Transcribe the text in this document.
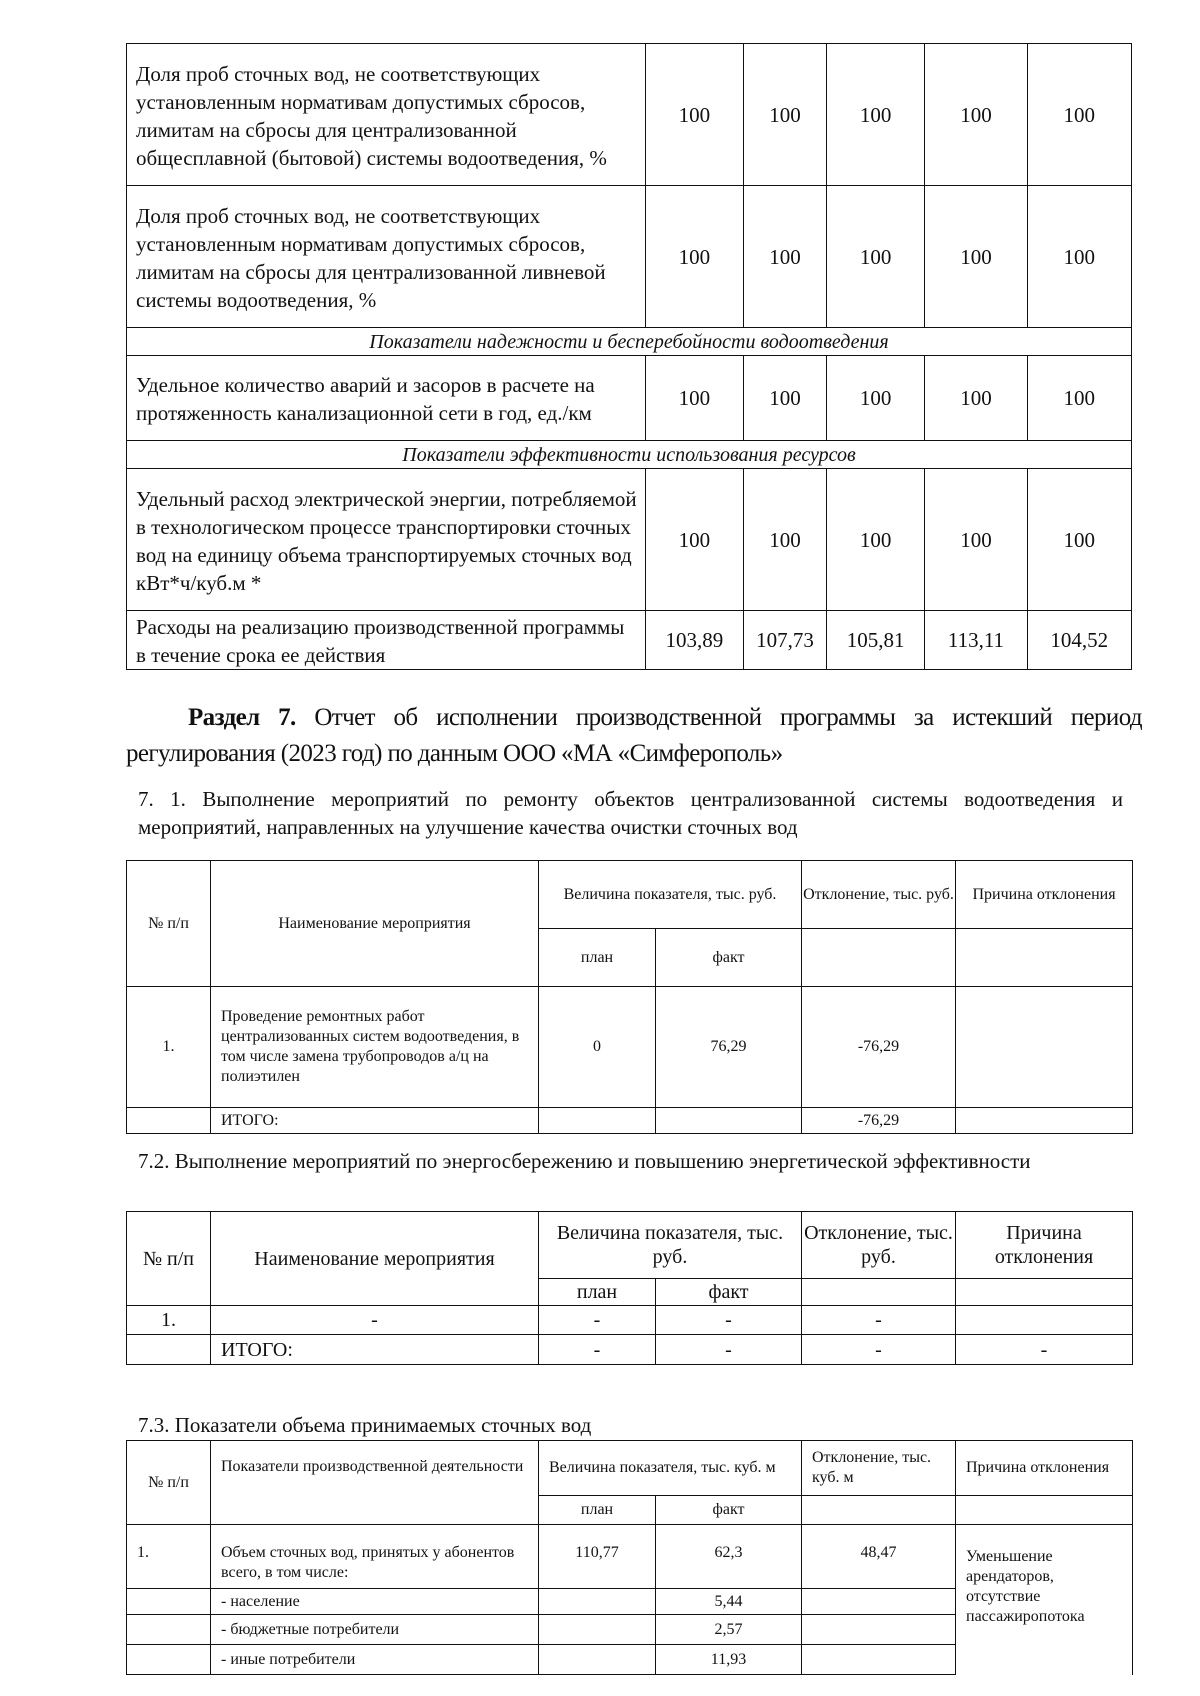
Доля проб сточных вод, не соответствующих установленным нормативам допустимых сбросов, лимитам на сбросы для централизованной общесплавной (бытовой) системы водоотведения, %	100	100	100	100	100
Доля проб сточных вод, не соответствующих установленным нормативам допустимых сбросов, лимитам на сбросы для централизованной ливневой системы водоотведения, %	100	100	100	100	100
Показатели надежности и бесперебойности водоотведения					
Удельное количество аварий и засоров в расчете на протяженность канализационной сети в год, ед./км	100	100	100	100	100
Показатели эффективности использования ресурсов					
Удельный расход электрической энергии, потребляемой в технологическом процессе транспортировки сточных вод на единицу объема транспортируемых сточных вод кВт*ч/куб.м *	100	100	100	100	100
Расходы на реализацию производственной программы в течение срока ее действия	103,89	107,73	105,81	113,11	104,52
Раздел 7. Отчет об исполнении производственной программы за истекший период регулирования (2023 год) по данным ООО «МА «Симферополь»
7. 1. Выполнение мероприятий по ремонту объектов централизованной системы водоотведения и мероприятий, направленных на улучшение качества очистки сточных вод
№ п/п	Наименование мероприятия	Величина показателя, тыс. руб.		Отклонение, тыс. руб.	Причина отклонения
		план	факт		
1.	Проведение ремонтных работ централизованных систем водоотведения, в том числе замена трубопроводов а/ц на полиэтилен	0	76,29	-76,29	
	ИТОГО:			-76,29	
7.2. Выполнение мероприятий по энергосбережению и повышению энергетической эффективности
№ п/п	Наименование мероприятия	Величина показателя, тыс. руб.		Отклонение, тыс. руб.	Причина отклонения
		план	факт		
1.	-	-	-	-	
	ИТОГО:	-	-	-	-
7.3. Показатели объема принимаемых сточных вод
№ п/п	Показатели производственной деятельности	Величина показателя, тыс. куб. м		Отклонение, тыс. куб. м	Причина отклонения
		план	факт		
1.	Объем сточных вод, принятых у абонентов всего, в том числе:	110,77	62,3	48,47	Уменьшение арендаторов, отсутствие пассажиропотока
	- население		5,44		
	- бюджетные потребители		2,57		
	- иные потребители		11,93		
